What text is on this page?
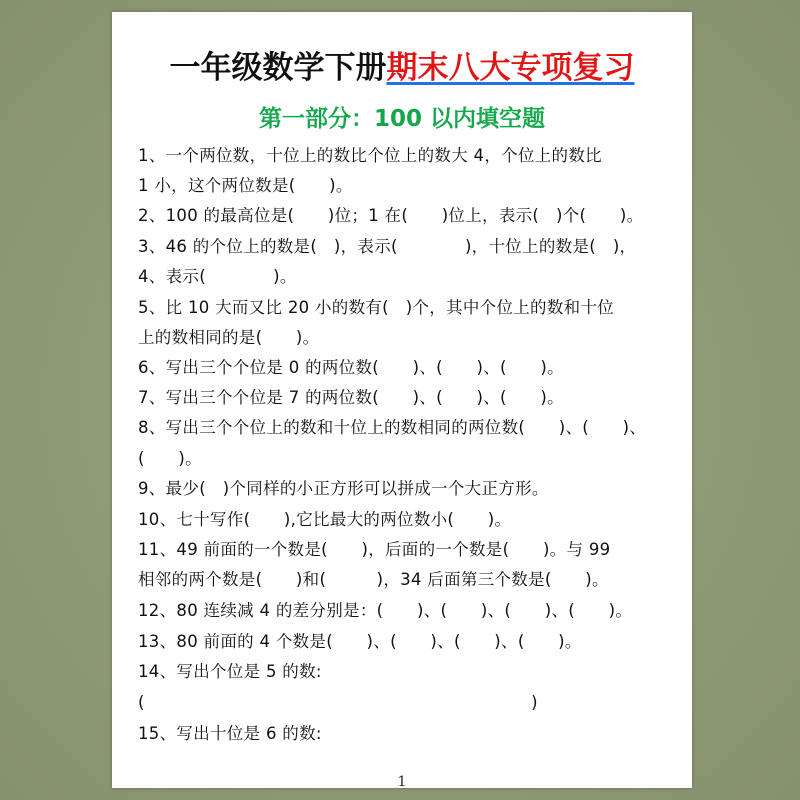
一年级数学下册期末八大专项复习
第一部分：100 以内填空题
1、一个两位数，十位上的数比个位上的数大 4，个位上的数比
1 小，这个两位数是(　　)。
2、100 的最高位是(　　)位；1 在(　　)位上，表示(　)个(　　)。
3、46 的个位上的数是(　)，表示(　　　　)，十位上的数是(　)，
4、表示(　　　　)。
5、比 10 大而又比 20 小的数有(　)个，其中个位上的数和十位
上的数相同的是(　　)。
6、写出三个个位是 0 的两位数(　　)、(　　)、(　　)。
7、写出三个个位是 7 的两位数(　　)、(　　)、(　　)。
8、写出三个个位上的数和十位上的数相同的两位数(　　)、(　　)、
(　　)。
9、最少(　)个同样的小正方形可以拼成一个大正方形。
10、七十写作(　　),它比最大的两位数小(　　)。
11、49 前面的一个数是(　　)，后面的一个数是(　　)。与 99
相邻的两个数是(　　)和(　　　)，34 后面第三个数是(　　)。
12、80 连续减 4 的差分别是：(　　)、(　　)、(　　)、(　　)。
13、80 前面的 4 个数是(　　)、(　　)、(　　)、(　　)。
14、写出个位是 5 的数:
(　　　　　　　　　　　　　　　　　　　　　　　)
15、写出十位是 6 的数:
1
